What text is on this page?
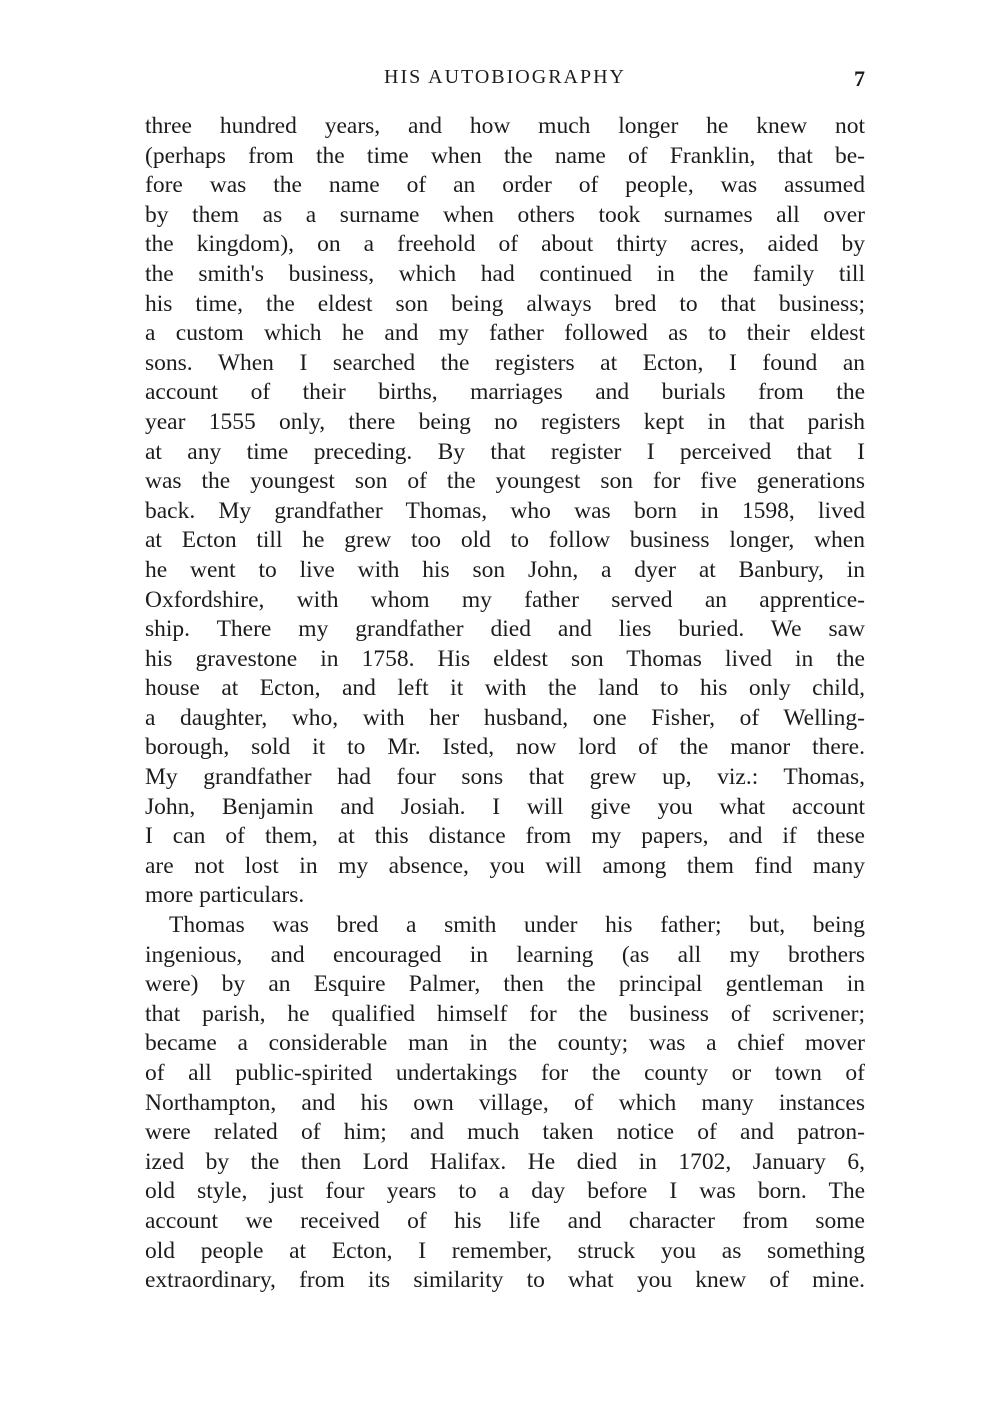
HIS AUTOBIOGRAPHY	7
three hundred years, and how much longer he knew not
(perhaps from the time when the name of Franklin, that be-
fore was the name of an order of people, was assumed
by them as a surname when others took surnames all over
the kingdom), on a freehold of about thirty acres, aided by
the smith's business, which had continued in the family till
his time, the eldest son being always bred to that business;
a custom which he and my father followed as to their eldest
sons. When I searched the registers at Ecton, I found an
account of their births, marriages and burials from the
year 1555 only, there being no registers kept in that parish
at any time preceding. By that register I perceived that I
was the youngest son of the youngest son for five generations
back. My grandfather Thomas, who was born in 1598, lived
at Ecton till he grew too old to follow business longer, when
he went to live with his son John, a dyer at Banbury, in
Oxfordshire, with whom my father served an apprentice-
ship. There my grandfather died and lies buried. We saw
his gravestone in 1758. His eldest son Thomas lived in the
house at Ecton, and left it with the land to his only child,
a daughter, who, with her husband, one Fisher, of Welling-
borough, sold it to Mr. Isted, now lord of the manor there.
My grandfather had four sons that grew up, viz.: Thomas,
John, Benjamin and Josiah. I will give you what account
I can of them, at this distance from my papers, and if these
are not lost in my absence, you will among them find many
more particulars.
Thomas was bred a smith under his father; but, being
ingenious, and encouraged in learning (as all my brothers
were) by an Esquire Palmer, then the principal gentleman in
that parish, he qualified himself for the business of scrivener;
became a considerable man in the county; was a chief mover
of all public-spirited undertakings for the county or town of
Northampton, and his own village, of which many instances
were related of him; and much taken notice of and patron-
ized by the then Lord Halifax. He died in 1702, January 6,
old style, just four years to a day before I was born. The
account we received of his life and character from some
old people at Ecton, I remember, struck you as something
extraordinary, from its similarity to what you knew of mine.
